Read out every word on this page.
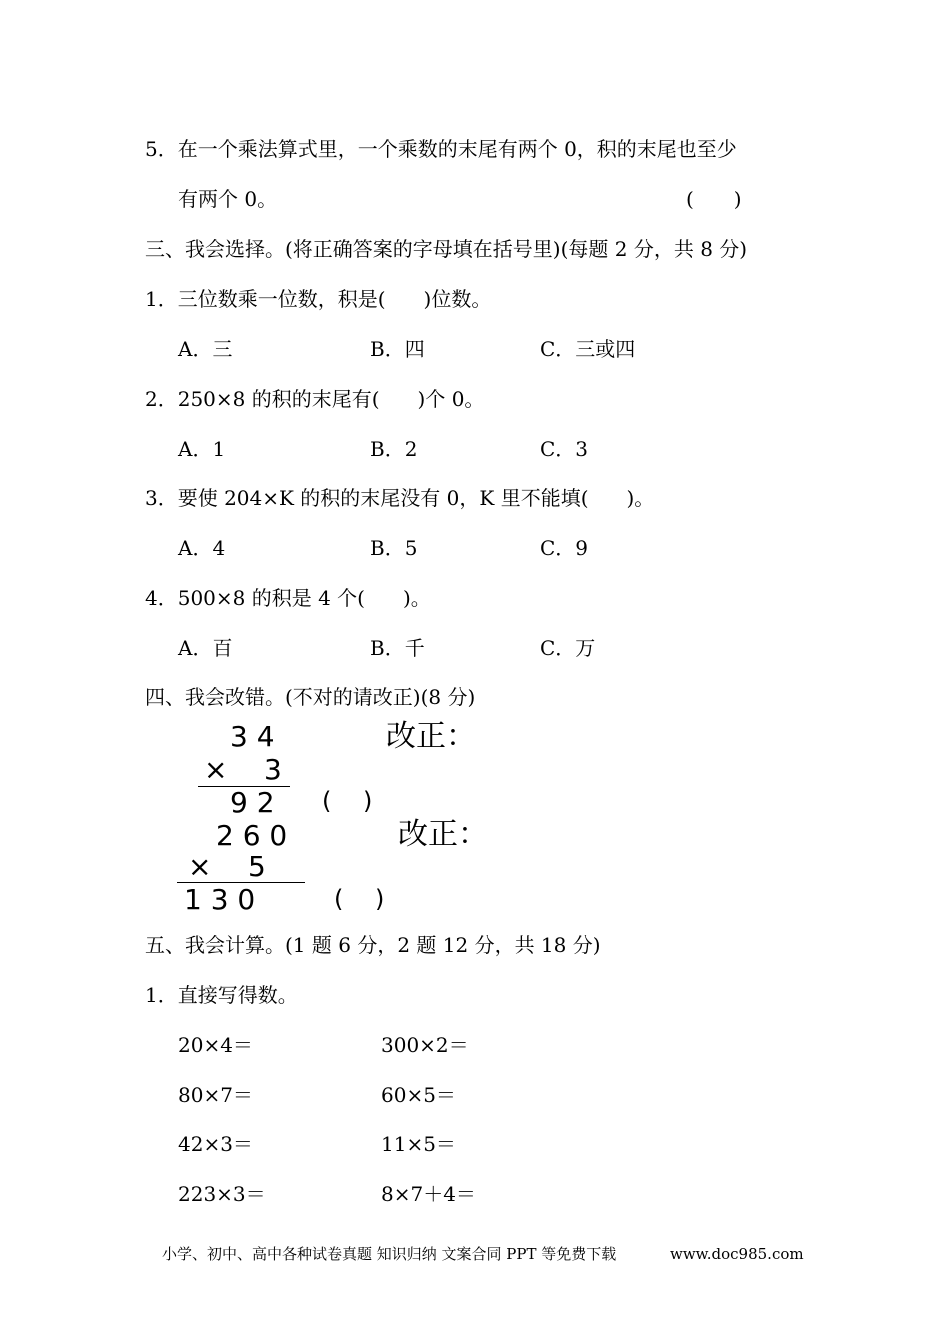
5．在一个乘法算式里，一个乘数的末尾有两个 0，积的末尾也至少
有两个 0。	(　　)
三、我会选择。(将正确答案的字母填在括号里)(每题 2 分，共 8 分)
1．三位数乘一位数，积是( )位数。
A．三	B．四	C．三或四
2．250×8 的积的末尾有( )个 0。
A．1	B．2	C．3
3．要使 204×K 的积的末尾没有 0，K 里不能填( )。
A．4	B．5	C．9
4．500×8 的积是 4 个( )。
A．百	B．千	C．万
四、我会改错。(不对的请改正)(8 分)
3 4
× 3
9 2 (　 )
改正：
2 6 0
× 5
1 3 0	(　 )
改正：
五、我会计算。(1 题 6 分，2 题 12 分，共 18 分)
1．直接写得数。
20×4＝	300×2＝
80×7＝	60×5＝
42×3＝	11×5＝
223×3＝	8×7＋4＝
小学、初中、高中各种试卷真题 知识归纳 文案合同 PPT 等免费下载	www.doc985.com
